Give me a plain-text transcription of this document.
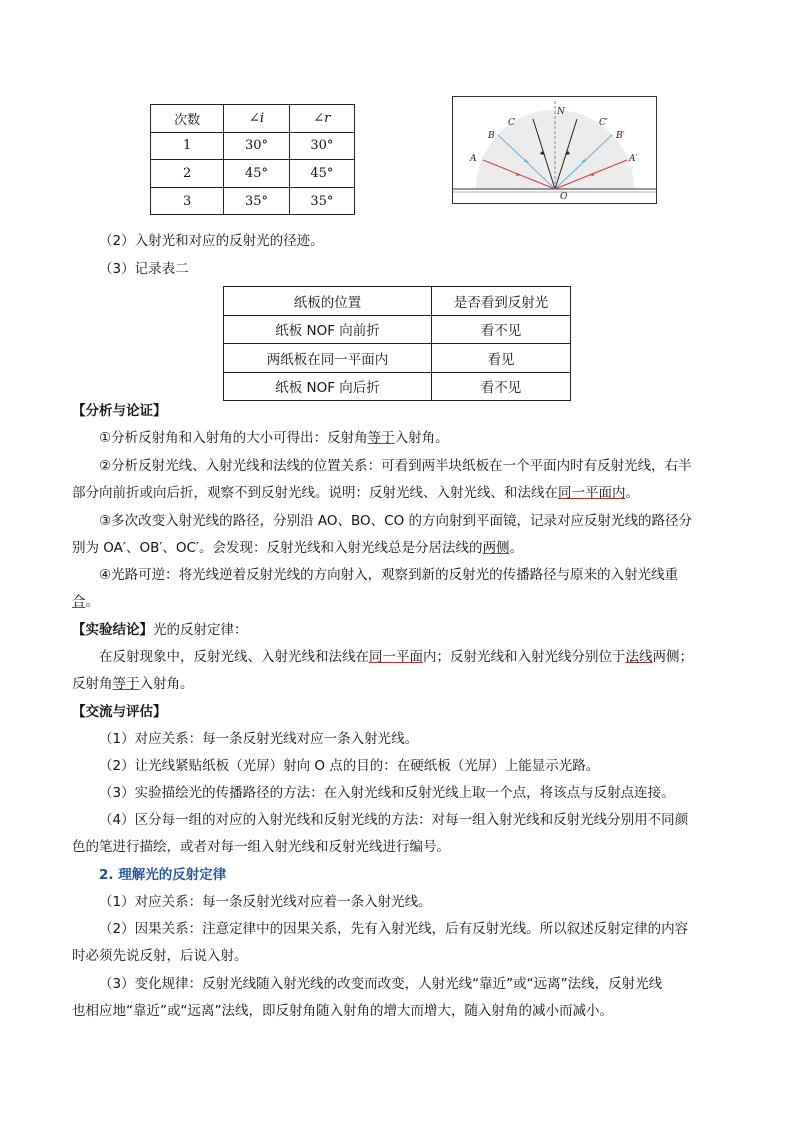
次数	∠i	∠r
1	30°	30°
2	45°	45°
3	35°	35°
N
C	C′
B	B′
A	A′
O
（2）入射光和对应的反射光的径迹。
（3）记录表二
纸板的位置	是否看到反射光
纸板 NOF 向前折	看不见
两纸板在同一平面内	看见
纸板 NOF 向后折	看不见
【分析与论证】
①分析反射角和入射角的大小可得出：反射角等于入射角。
②分析反射光线、入射光线和法线的位置关系：可看到两半块纸板在一个平面内时有反射光线，右半
部分向前折或向后折，观察不到反射光线。说明：反射光线、入射光线、和法线在同一平面内。
③多次改变入射光线的路径，分别沿 AO、BO、CO 的方向射到平面镜，记录对应反射光线的路径分
别为 OA′、OB′、OC′。会发现：反射光线和入射光线总是分居法线的两侧。
④光路可逆：将光线逆着反射光线的方向射入，观察到新的反射光的传播路径与原来的入射光线重
合。
【实验结论】光的反射定律：
在反射现象中，反射光线、入射光线和法线在同一平面内；反射光线和入射光线分别位于法线两侧；
反射角等于入射角。
【交流与评估】
（1）对应关系：每一条反射光线对应一条入射光线。
（2）让光线紧贴纸板（光屏）射向 O 点的目的：在硬纸板（光屏）上能显示光路。
（3）实验描绘光的传播路径的方法：在入射光线和反射光线上取一个点，将该点与反射点连接。
（4）区分每一组的对应的入射光线和反射光线的方法：对每一组入射光线和反射光线分别用不同颜
色的笔进行描绘，或者对每一组入射光线和反射光线进行编号。
2. 理解光的反射定律
（1）对应关系：每一条反射光线对应着一条入射光线。
（2）因果关系：注意定律中的因果关系，先有入射光线，后有反射光线。所以叙述反射定律的内容
时必须先说反射，后说入射。
（3）变化规律：反射光线随入射光线的改变而改变，人射光线“靠近”或“远离”法线，反射光线
也相应地“靠近”或“远离”法线，即反射角随入射角的增大而增大，随入射角的减小而减小。
